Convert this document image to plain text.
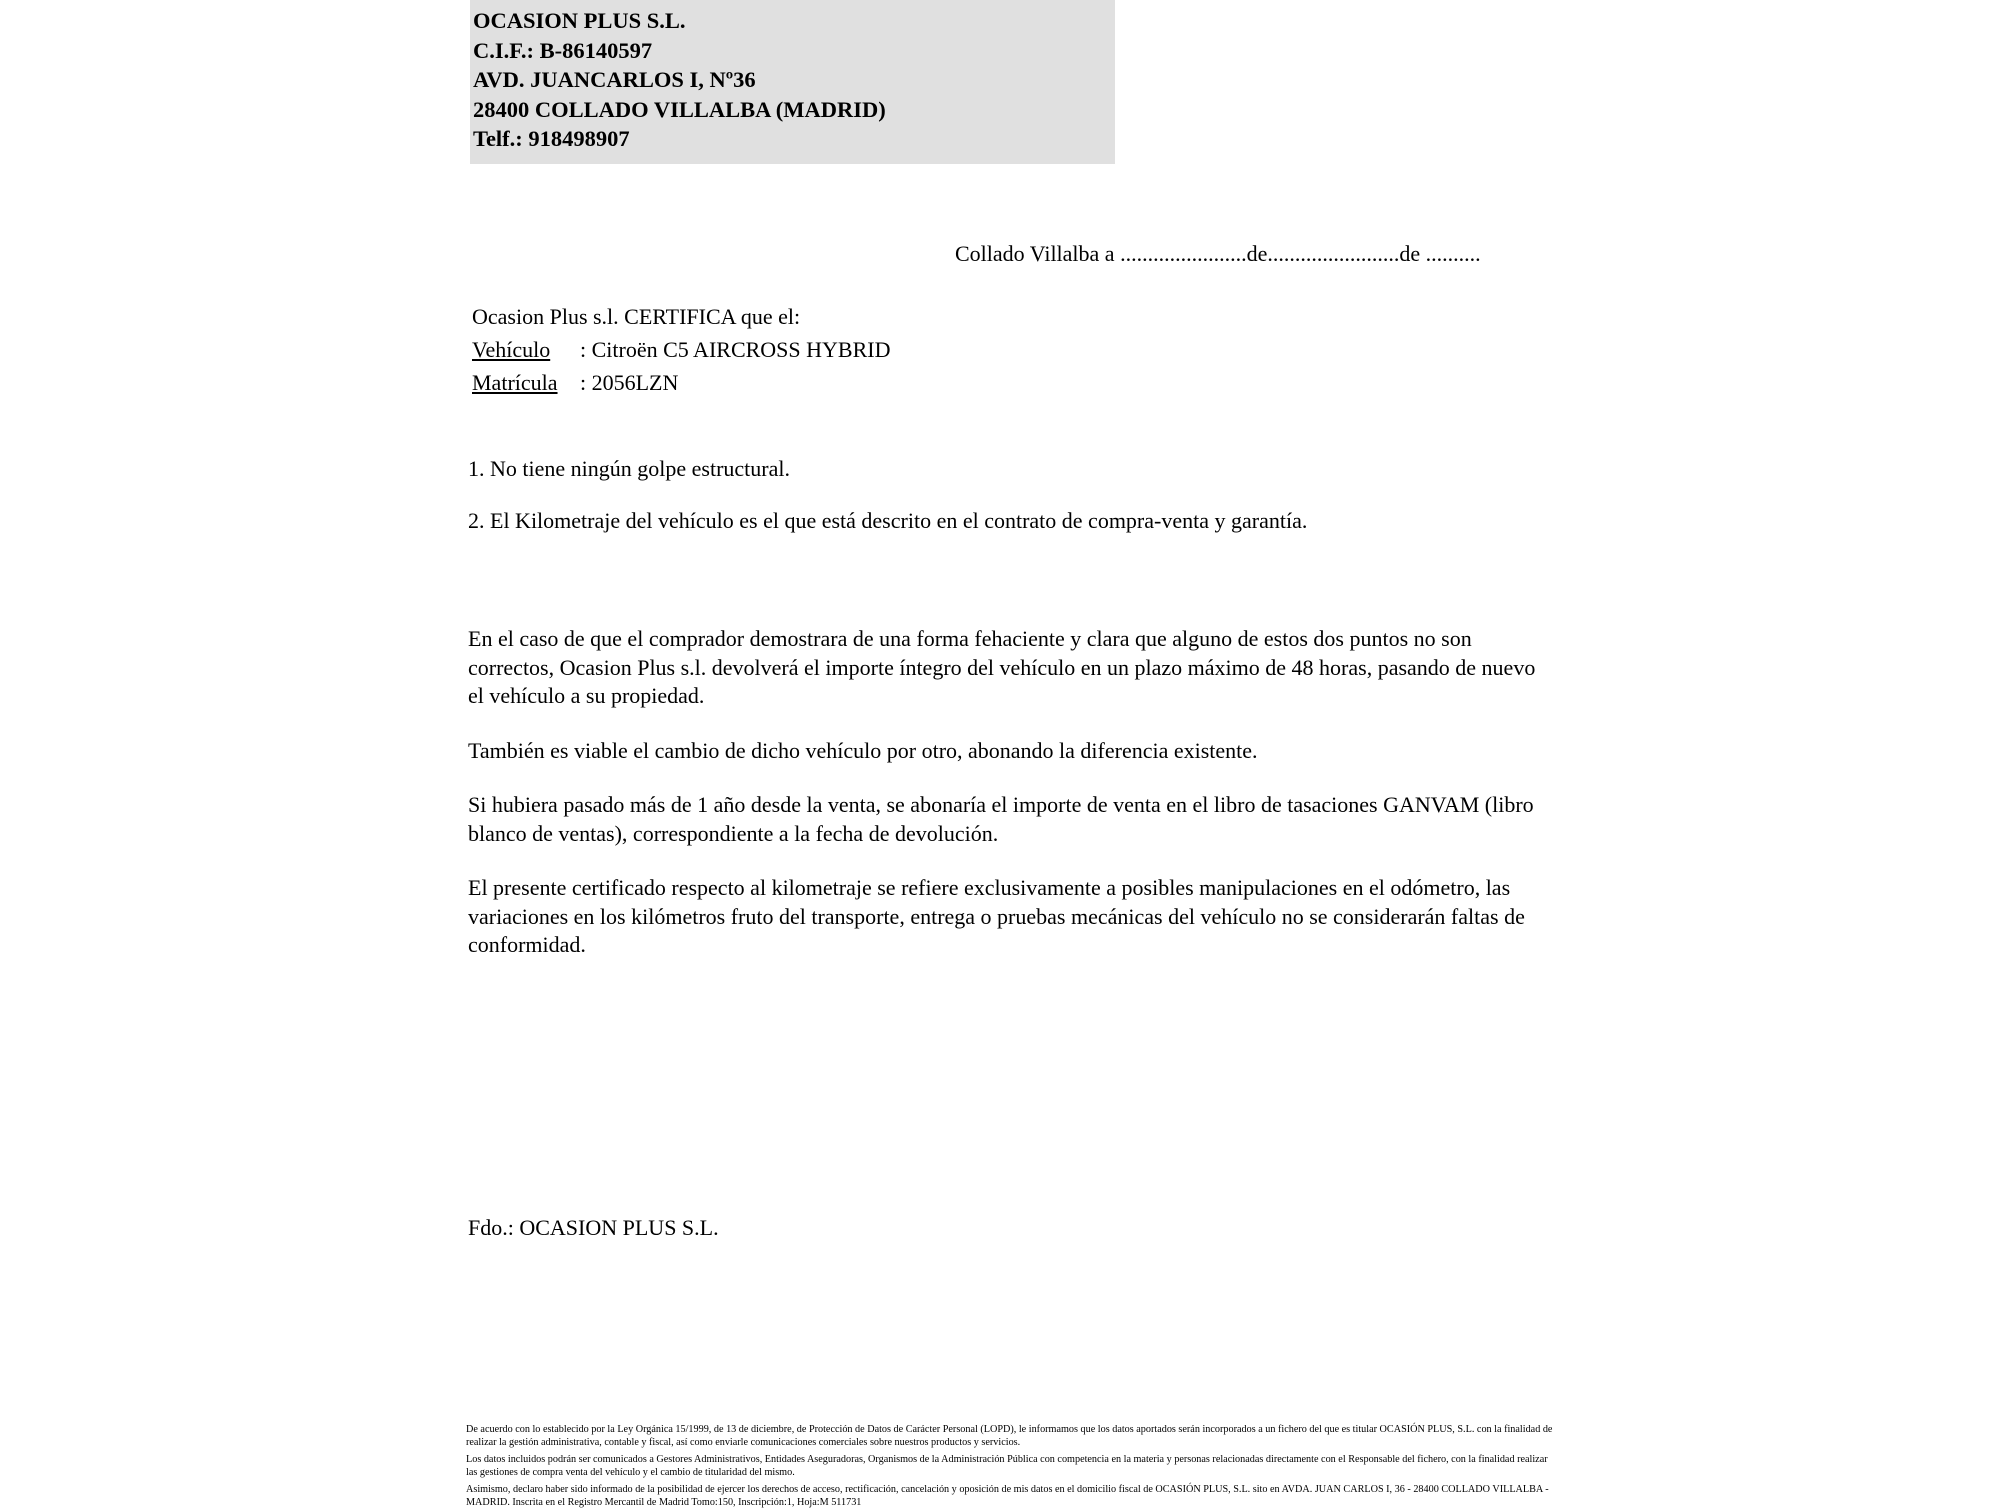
OCASION PLUS S.L.
C.I.F.: B-86140597
AVD. JUANCARLOS I, Nº36
28400 COLLADO VILLALBA (MADRID)
Telf.: 918498907
Collado Villalba a .......................de........................de ..........
Ocasion Plus s.l. CERTIFICA que el:
Vehículo : Citroën C5 AIRCROSS HYBRID
Matrícula : 2056LZN
1. No tiene ningún golpe estructural.
2. El Kilometraje del vehículo es el que está descrito en el contrato de compra-venta y garantía.

En el caso de que el comprador demostrara de una forma fehaciente y clara que alguno de estos dos puntos no son correctos, Ocasion Plus s.l. devolverá el importe íntegro del vehículo en un plazo máximo de 48 horas, pasando de nuevo el vehículo a su propiedad.

También es viable el cambio de dicho vehículo por otro, abonando la diferencia existente.

Si hubiera pasado más de 1 año desde la venta, se abonaría el importe de venta en el libro de tasaciones GANVAM (libro blanco de ventas), correspondiente a la fecha de devolución.

El presente certificado respecto al kilometraje se refiere exclusivamente a posibles manipulaciones en el odómetro, las variaciones en los kilómetros fruto del transporte, entrega o pruebas mecánicas del vehículo no se considerarán faltas de conformidad.

Fdo.: OCASION PLUS S.L.
De acuerdo con lo establecido por la Ley Orgánica 15/1999, de 13 de diciembre, de Protección de Datos de Carácter Personal (LOPD), le informamos que los datos aportados serán incorporados a un fichero del que es titular OCASIÓN PLUS, S.L. con la finalidad de realizar la gestión administrativa, contable y fiscal, así como enviarle comunicaciones comerciales sobre nuestros productos y servicios.
Los datos incluidos podrán ser comunicados a Gestores Administrativos, Entidades Aseguradoras, Organismos de la Administración Pública con competencia en la materia y personas relacionadas directamente con el Responsable del fichero, con la finalidad realizar las gestiones de compra venta del vehículo y el cambio de titularidad del mismo.
Asimismo, declaro haber sido informado de la posibilidad de ejercer los derechos de acceso, rectificación, cancelación y oposición de mis datos en el domicilio fiscal de OCASIÓN PLUS, S.L. sito en AVDA. JUAN CARLOS I, 36 - 28400 COLLADO VILLALBA - MADRID. Inscrita en el Registro Mercantil de Madrid Tomo:150, Inscripción:1, Hoja:M 511731
